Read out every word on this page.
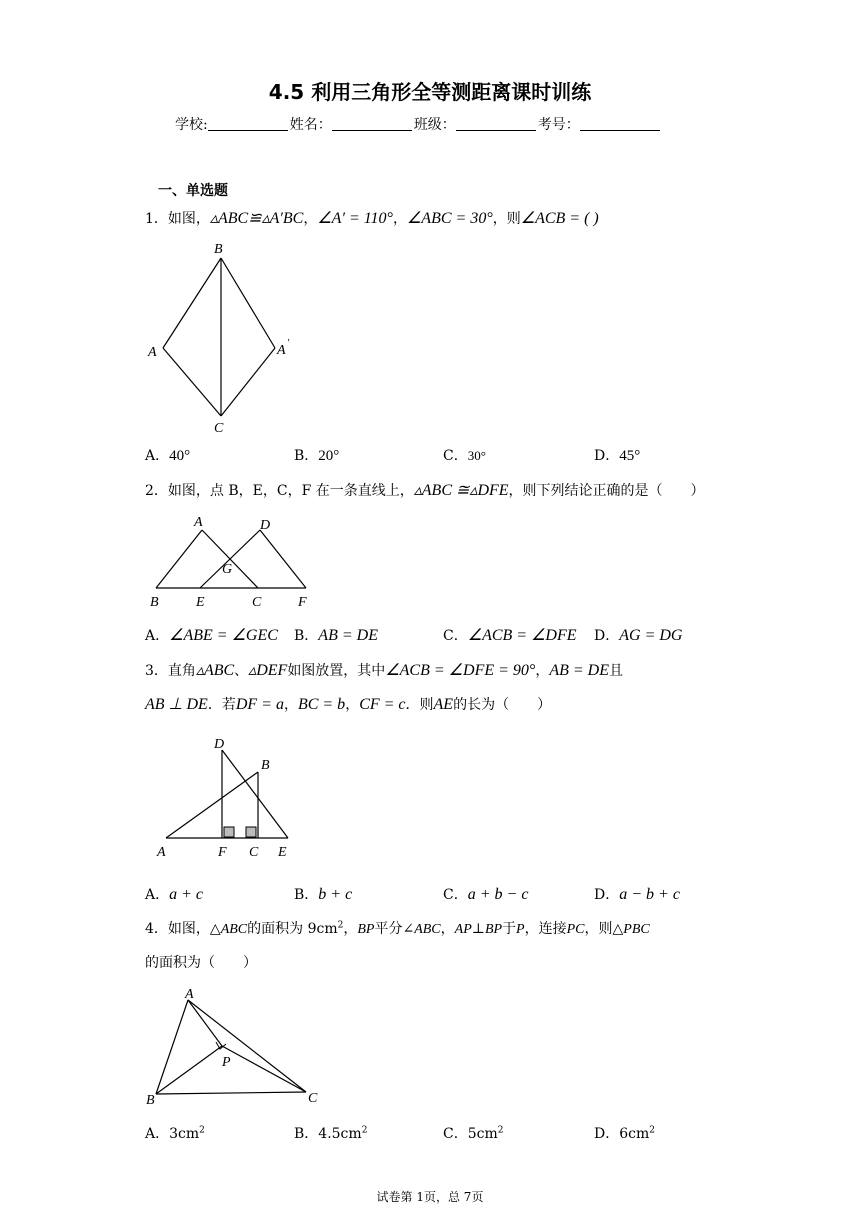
4.5 利用三角形全等测距离课时训练
学校:	姓名：	班级：	考号：
一、单选题
1．如图，▵ABC≌▵A′BC，∠A′ = 110°，∠ABC = 30°，则∠ACB = ( )
B
A	A ′
C
A．40°	B．20°	C．30°	D．45°
2．如图，点 B，E，C，F 在一条直线上，▵ABC ≅▵DFE，则下列结论正确的是（　　）
A	D
G
B	E	C	F
A．∠ABE = ∠GEC B．AB = DE	C．∠ACB = ∠DFE D．AG = DG
3．直角▵ABC、▵DEF如图放置，其中∠ACB = ∠DFE = 90°，AB = DE且
AB ⊥ DE．若DF = a，BC = b，CF = c．则AE的长为（　　）
D
B
A	F C E
A．a + c	B．b + c	C．a + b − c	D．a − b + c
4．如图，△ABC的面积为 $9cm^2$，BP平分∠ABC，AP⊥BP于P，连接PC，则△PBC
的面积为（　　）
A
P
B	C
A．$3cm^2$	B．$4.5cm^2$	C．$5cm^2$	D．$6cm^2$
试卷第 1页，总 7页
